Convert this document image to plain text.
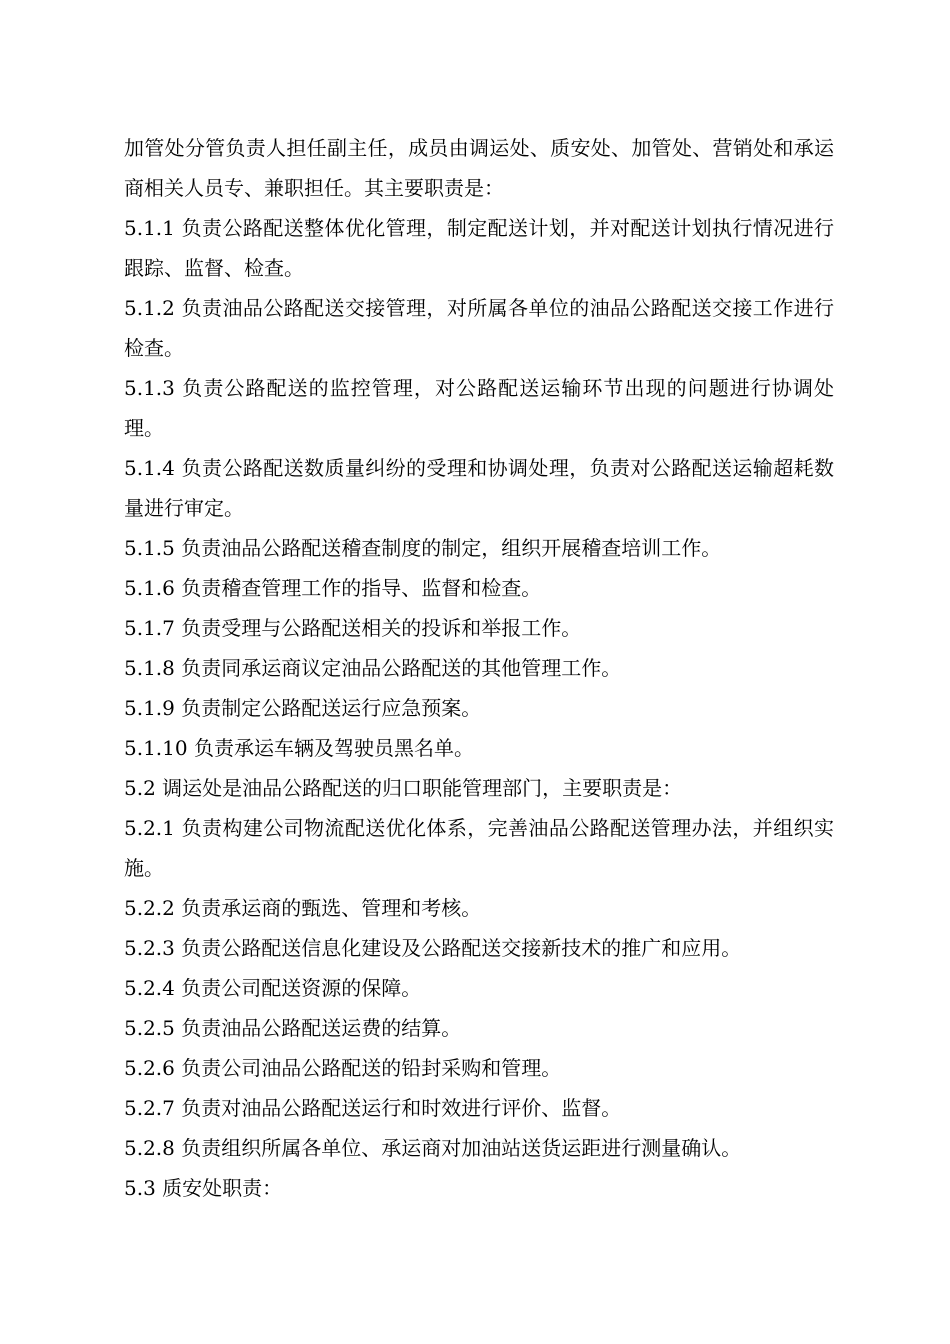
加管处分管负责人担任副主任，成员由调运处、质安处、加管处、营销处和承运商相关人员专、兼职担任。其主要职责是：

5.1.1 负责公路配送整体优化管理，制定配送计划，并对配送计划执行情况进行跟踪、监督、检查。

5.1.2 负责油品公路配送交接管理，对所属各单位的油品公路配送交接工作进行检查。

5.1.3 负责公路配送的监控管理，对公路配送运输环节出现的问题进行协调处理。

5.1.4 负责公路配送数质量纠纷的受理和协调处理，负责对公路配送运输超耗数量进行审定。

5.1.5 负责油品公路配送稽查制度的制定，组织开展稽查培训工作。

5.1.6 负责稽查管理工作的指导、监督和检查。

5.1.7 负责受理与公路配送相关的投诉和举报工作。

5.1.8 负责同承运商议定油品公路配送的其他管理工作。

5.1.9 负责制定公路配送运行应急预案。

5.1.10 负责承运车辆及驾驶员黑名单。

5.2 调运处是油品公路配送的归口职能管理部门，主要职责是：

5.2.1 负责构建公司物流配送优化体系，完善油品公路配送管理办法，并组织实施。

5.2.2 负责承运商的甄选、管理和考核。

5.2.3 负责公路配送信息化建设及公路配送交接新技术的推广和应用。

5.2.4 负责公司配送资源的保障。

5.2.5 负责油品公路配送运费的结算。

5.2.6 负责公司油品公路配送的铅封采购和管理。

5.2.7 负责对油品公路配送运行和时效进行评价、监督。

5.2.8 负责组织所属各单位、承运商对加油站送货运距进行测量确认。

5.3 质安处职责：
